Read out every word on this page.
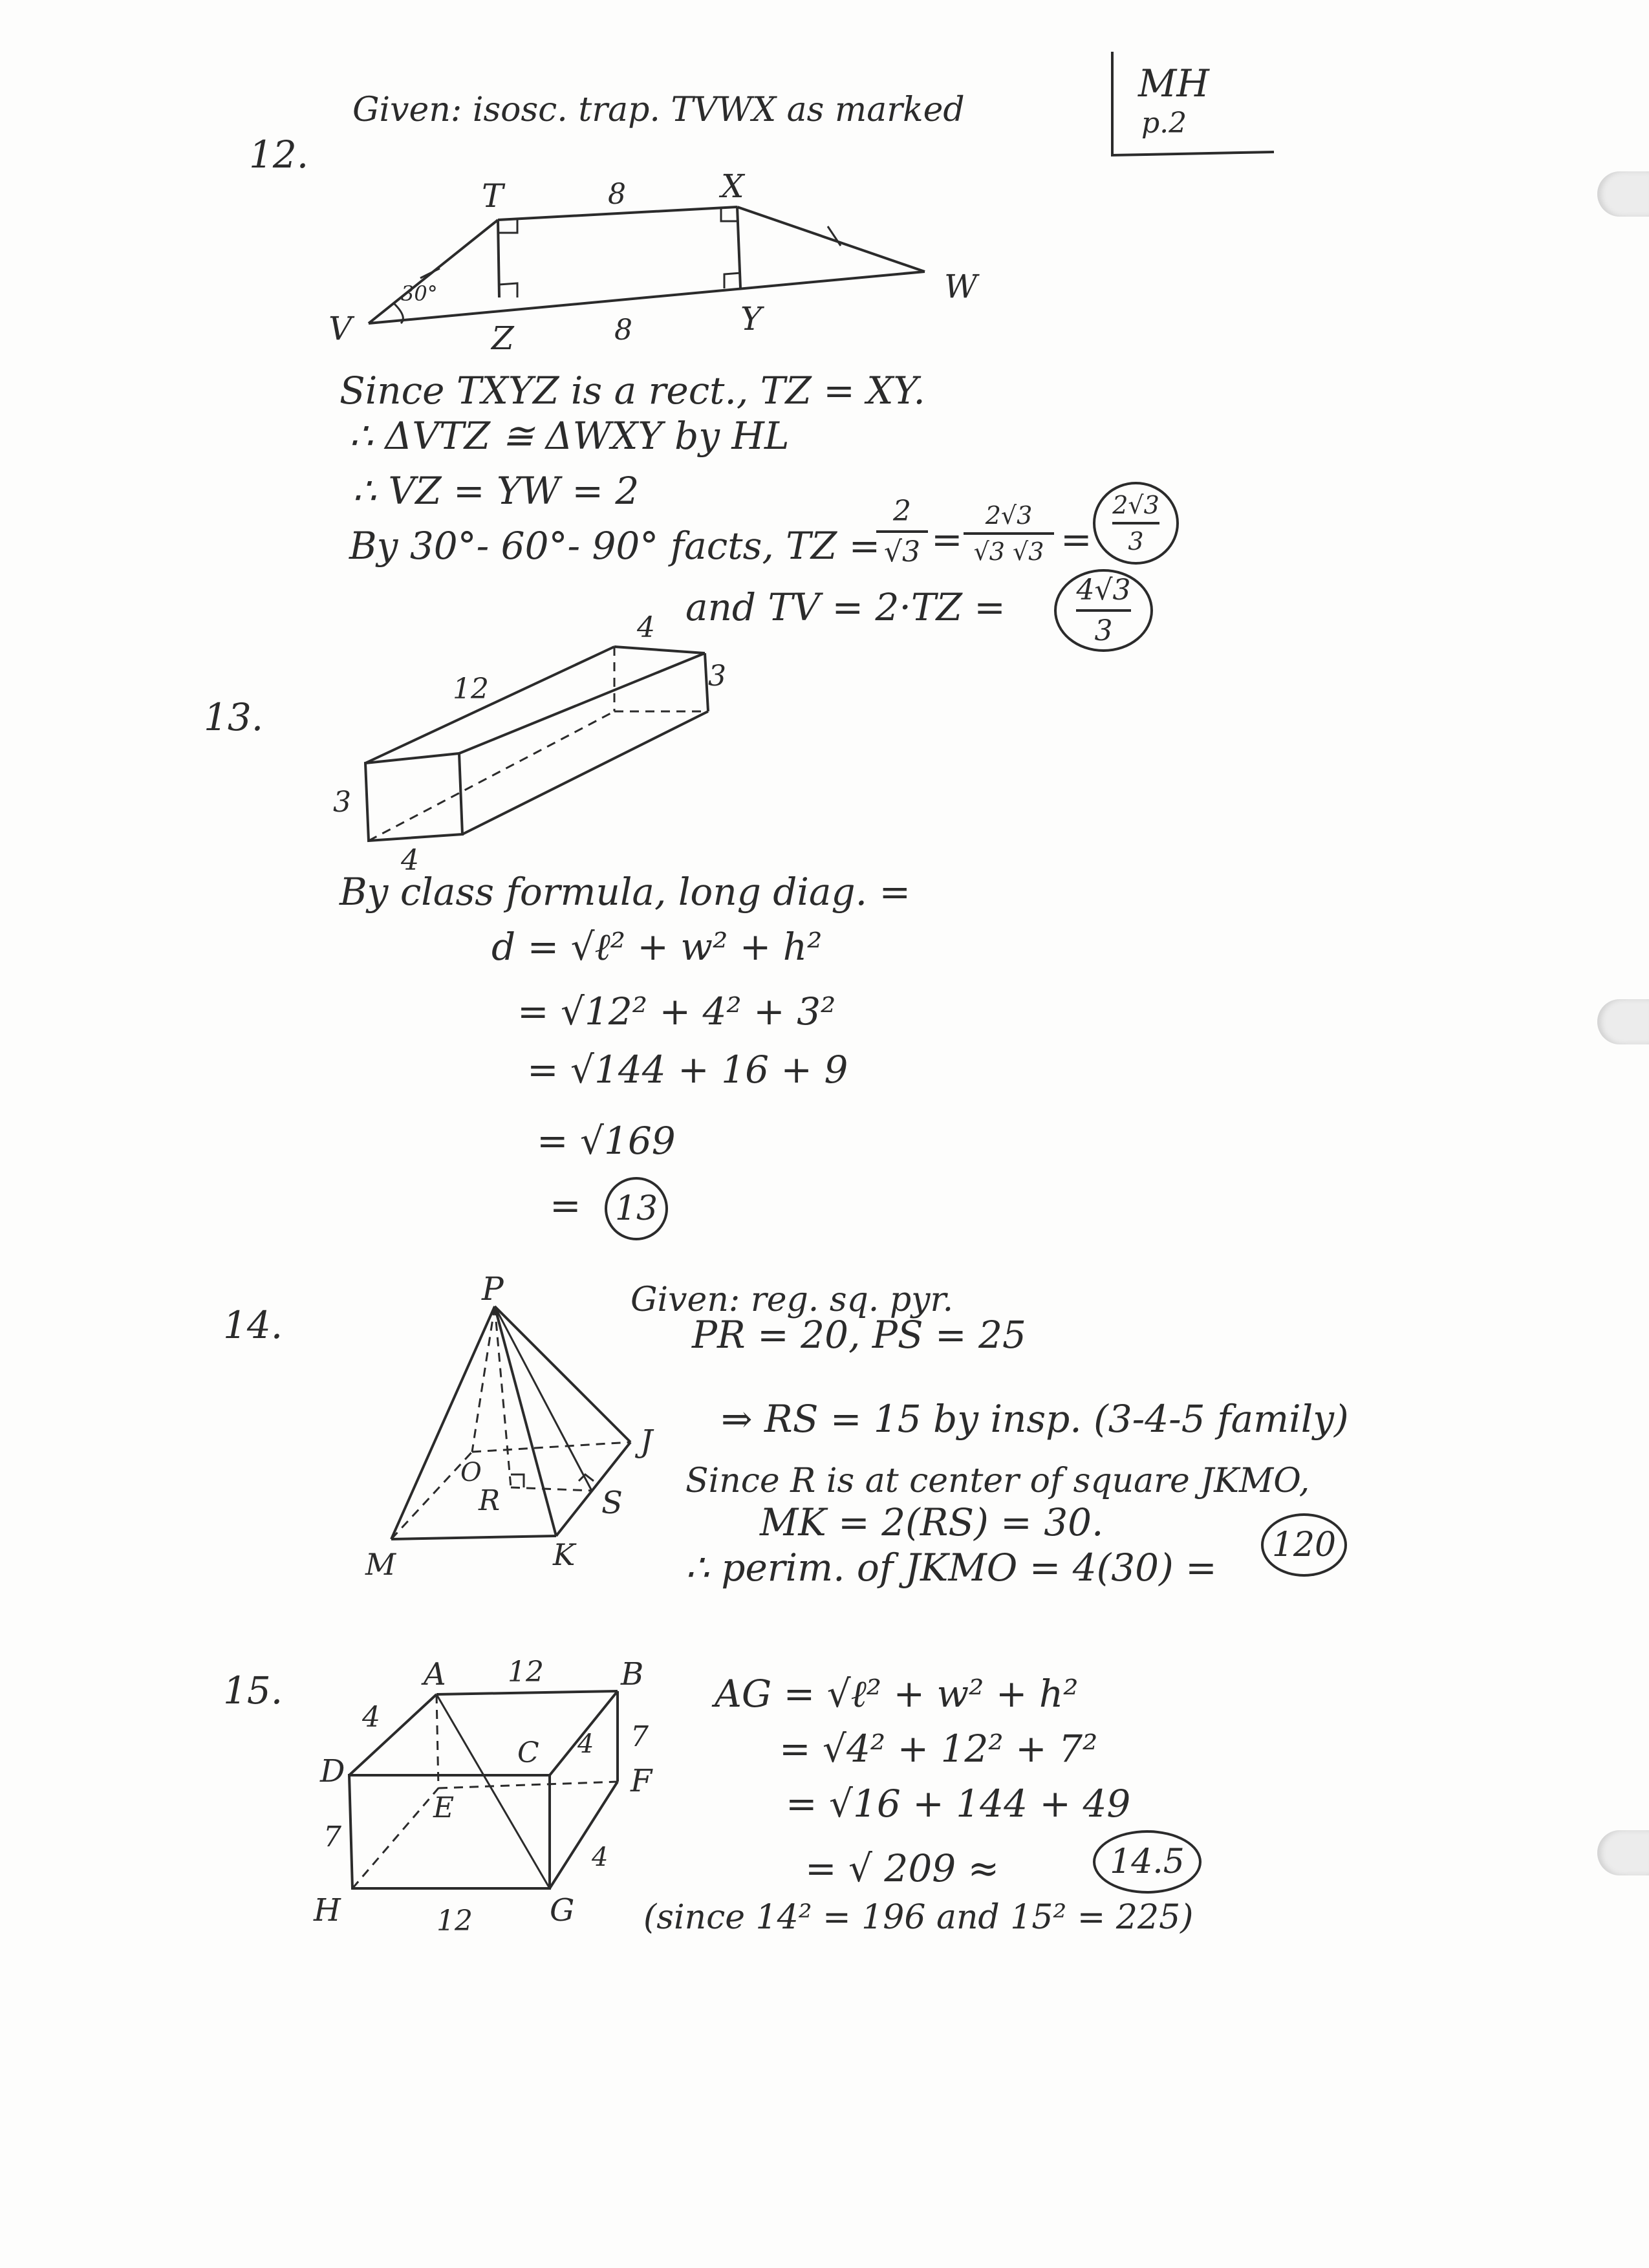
MH
p.2
12.
Given: isosc. trap. TVWX as marked
T	X
V
W
Z
Y
8
8
30°
Since TXYZ is a rect., TZ = XY.
∴ ΔVTZ ≅ ΔWXY by HL
∴ VZ = YW = 2
By 30°- 60°- 90° facts, TZ =
2
√3 =
2√3
√3 $√3 = \frac{2√3}{3}$
and TV = $2\cdot TZ = \frac{4√3}{3}$
13.
12
4
3
3
4
By class formula, long diag. =
d = √ℓ² + w² + h²
= √12² + 4² + 3²
= √144 + 16 + 9
= √169
=	13
14.
P
J
O
R	S
M	K
Given: reg. sq. pyr.
PR = 20, PS = 25
⇒ RS = 15 by insp. (3-4-5 family)
Since R is at center of square JKMO,
MK = 2(RS) = 30.
∴ perim. of JKMO = 4(30) =
120
15.	A	B
C
D
E
F
G
H
12
12
4
7
7
4
4
AG = √ℓ² + w² + h²
= √4² + 12² + 7²
= √16 + 144 + 49
= √ 209 ≈	14.5
(since 14² = 196 and 15² = 225)
